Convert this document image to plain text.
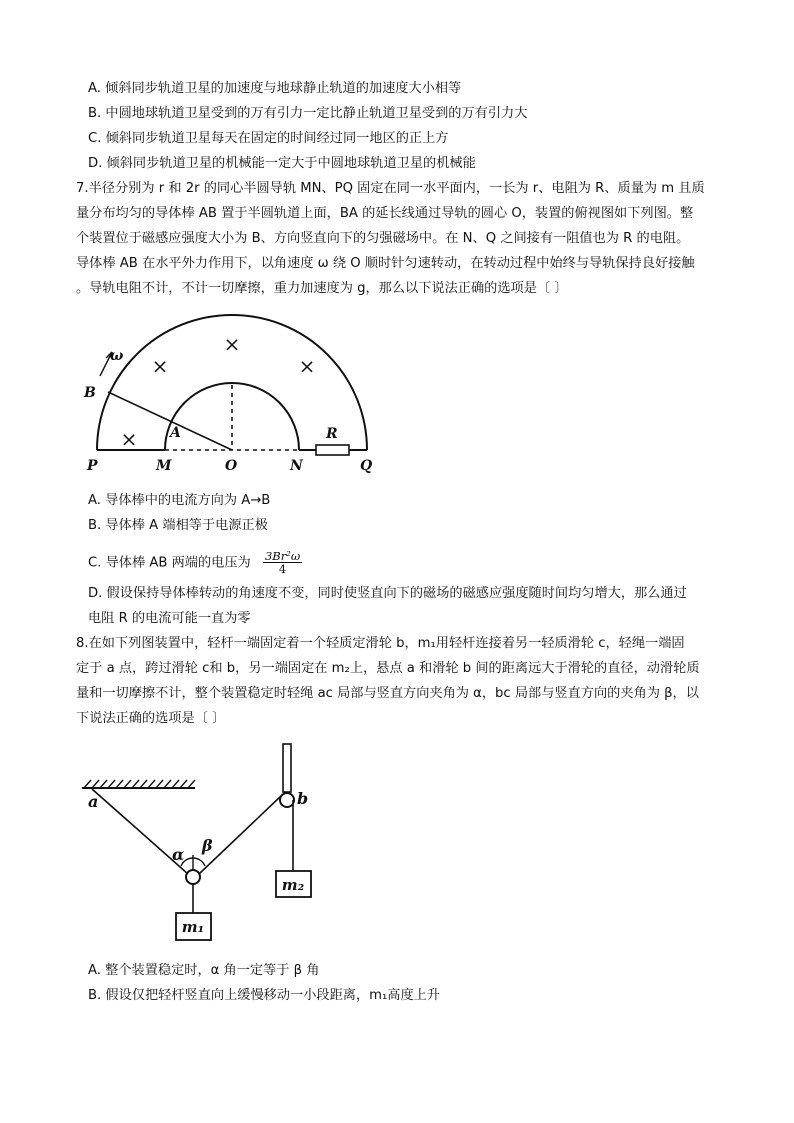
A. 倾斜同步轨道卫星的加速度与地球静止轨道的加速度大小相等
B. 中圆地球轨道卫星受到的万有引力一定比静止轨道卫星受到的万有引力大
C. 倾斜同步轨道卫星每天在固定的时间经过同一地区的正上方
D. 倾斜同步轨道卫星的机械能一定大于中圆地球轨道卫星的机械能
7.半径分别为 r 和 2r 的同心半圆导轨 MN、PQ 固定在同一水平面内，一长为 r、电阻为 R、质量为 m 且质
量分布均匀的导体棒 AB 置于半圆轨道上面，BA 的延长线通过导轨的圆心 O，装置的俯视图如下列图。整
个装置位于磁感应强度大小为 B、方向竖直向下的匀强磁场中。在 N、Q 之间接有一阻值也为 R 的电阻。
导体棒 AB 在水平外力作用下，以角速度 ω 绕 O 顺时针匀速转动，在转动过程中始终与导轨保持良好接触
。导轨电阻不计，不计一切摩擦，重力加速度为 g，那么以下说法正确的选项是〔 〕
×
×
×
×
ω
B
A
P	M	O	N	Q
R
A. 导体棒中的电流方向为 A→B
B. 导体棒 A 端相等于电源正极
C. 导体棒 AB 两端的电压为 $\frac{\text{3Br²ω}}{4}$
D. 假设保持导体棒转动的角速度不变，同时使竖直向下的磁场的磁感应强度随时间均匀增大，那么通过
电阻 R 的电流可能一直为零
8.在如下列图装置中，轻杆一端固定着一个轻质定滑轮 b，m₁用轻杆连接着另一轻质滑轮 c，轻绳一端固
定于 a 点，跨过滑轮 c和 b，另一端固定在 m₂上，悬点 a 和滑轮 b 间的距离远大于滑轮的直径，动滑轮质
量和一切摩擦不计，整个装置稳定时轻绳 ac 局部与竖直方向夹角为 α，bc 局部与竖直方向的夹角为 β，以
下说法正确的选项是〔 〕
a	b
α β
m₁
m₂
A. 整个装置稳定时，α 角一定等于 β 角
B. 假设仅把轻杆竖直向上缓慢移动一小段距离，m₁高度上升
